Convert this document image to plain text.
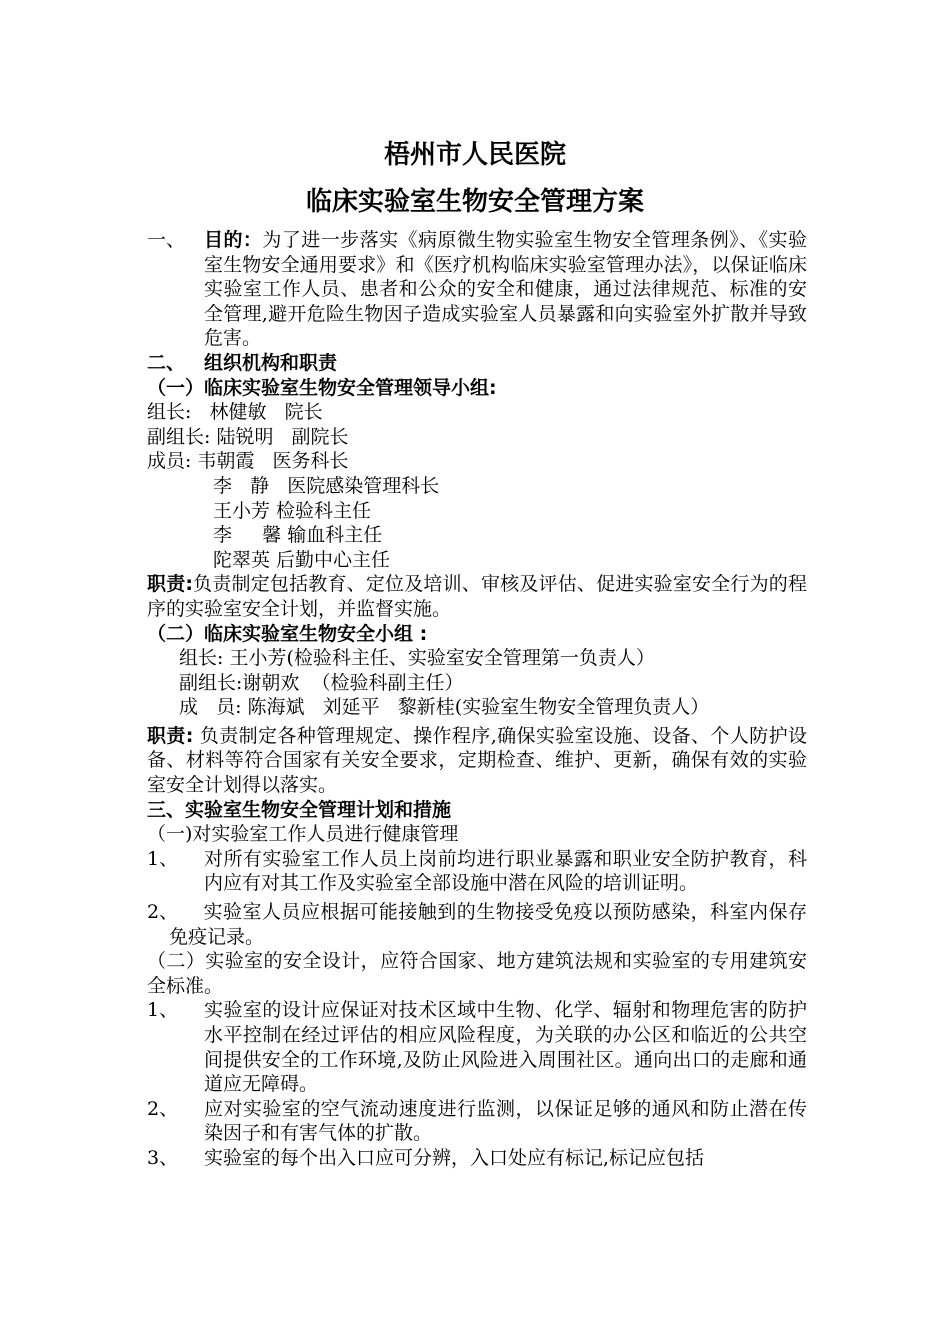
梧州市人民医院
临床实验室生物安全管理方案
一、 目的：为了进一步落实《病原微生物实验室生物安全管理条例》、《实验室生物安全通用要求》和《医疗机构临床实验室管理办法》，以保证临床实验室工作人员、患者和公众的安全和健康，通过法律规范、标准的安全管理,避开危险生物因子造成实验室人员暴露和向实验室外扩散并导致危害。
二、 组织机构和职责
（一）临床实验室生物安全管理领导小组:
组长:   林健敏   院长
副组长: 陆锐明   副院长
成员: 韦朝霞   医务科长
李   静   医院感染管理科长
王小芳 检验科主任
李     馨 输血科主任
陀翠英 后勤中心主任
职责:负责制定包括教育、定位及培训、审核及评估、促进实验室安全行为的程序的实验室安全计划，并监督实施。
（二）临床实验室生物安全小组 :
组长: 王小芳(检验科主任、实验室安全管理第一负责人）
副组长:谢朝欢  （检验科副主任）
成   员: 陈海斌   刘延平   黎新桂(实验室生物安全管理负责人）
职责: 负责制定各种管理规定、操作程序,确保实验室设施、设备、个人防护设备、材料等符合国家有关安全要求，定期检查、维护、更新，确保有效的实验室安全计划得以落实。
三、实验室生物安全管理计划和措施
（一)对实验室工作人员进行健康管理
1、	对所有实验室工作人员上岗前均进行职业暴露和职业安全防护教育，科内应有对其工作及实验室全部设施中潜在风险的培训证明。
2、 实验室人员应根据可能接触到的生物接受免疫以预防感染，科室内保存免疫记录。
（二）实验室的安全设计，应符合国家、地方建筑法规和实验室的专用建筑安全标准。
1、	实验室的设计应保证对技术区域中生物、化学、辐射和物理危害的防护水平控制在经过评估的相应风险程度，为关联的办公区和临近的公共空间提供安全的工作环境,及防止风险进入周围社区。通向出口的走廊和通道应无障碍。
2、	应对实验室的空气流动速度进行监测，以保证足够的通风和防止潜在传染因子和有害气体的扩散。
3、	实验室的每个出入口应可分辨，入口处应有标记,标记应包括
